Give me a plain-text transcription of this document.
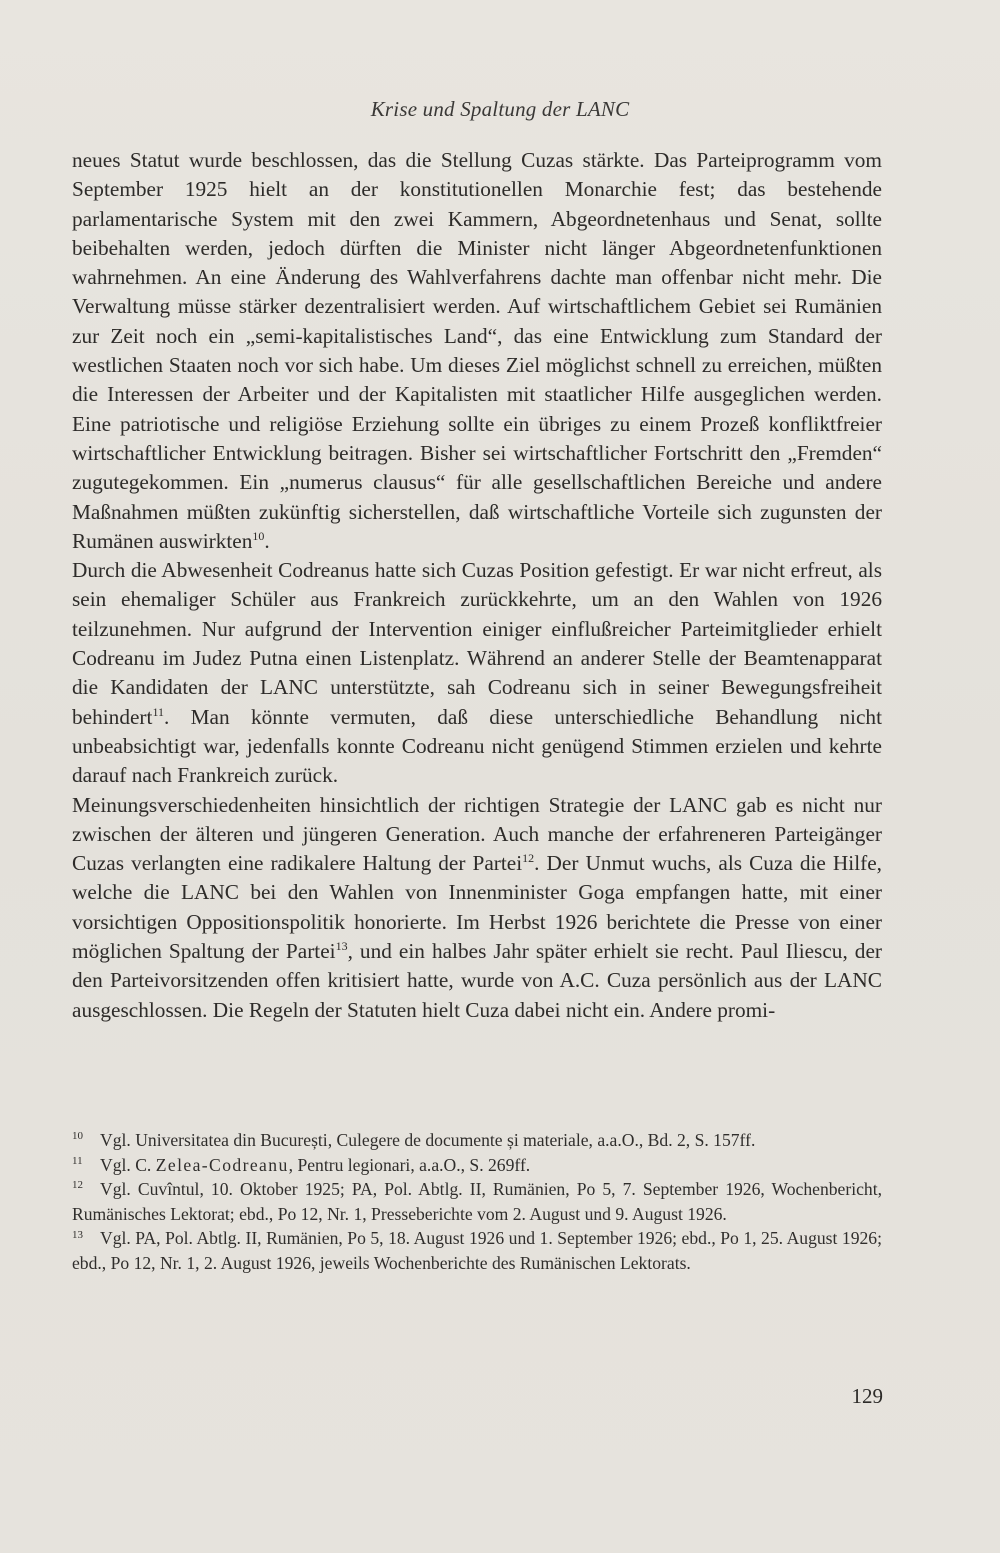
Krise und Spaltung der LANC

neues Statut wurde beschlossen, das die Stellung Cuzas stärkte. Das Parteiprogramm vom September 1925 hielt an der konstitutionellen Monarchie fest; das bestehende parlamentarische System mit den zwei Kammern, Abgeordnetenhaus und Senat, sollte beibehalten werden, jedoch dürften die Minister nicht länger Abgeordnetenfunktionen wahrnehmen. An eine Änderung des Wahlverfahrens dachte man offenbar nicht mehr. Die Verwaltung müsse stärker dezentralisiert werden. Auf wirtschaftlichem Gebiet sei Rumänien zur Zeit noch ein „semi-kapitalistisches Land“, das eine Entwicklung zum Standard der westlichen Staaten noch vor sich habe. Um dieses Ziel möglichst schnell zu erreichen, müßten die Interessen der Arbeiter und der Kapitalisten mit staatlicher Hilfe ausgeglichen werden. Eine patriotische und religiöse Erziehung sollte ein übriges zu einem Prozeß konfliktfreier wirtschaftlicher Entwicklung beitragen. Bisher sei wirtschaftlicher Fortschritt den „Fremden“ zugutegekommen. Ein „numerus clausus“ für alle gesellschaftlichen Bereiche und andere Maßnahmen müßten zukünftig sicherstellen, daß wirtschaftliche Vorteile sich zugunsten der Rumänen auswirkten$^{10}$.

Durch die Abwesenheit Codreanus hatte sich Cuzas Position gefestigt. Er war nicht erfreut, als sein ehemaliger Schüler aus Frankreich zurückkehrte, um an den Wahlen von 1926 teilzunehmen. Nur aufgrund der Intervention einiger einflußreicher Parteimitglieder erhielt Codreanu im Judez Putna einen Listenplatz. Während an anderer Stelle der Beamtenapparat die Kandidaten der LANC unterstützte, sah Codreanu sich in seiner Bewegungsfreiheit behindert$^{11}$. Man könnte vermuten, daß diese unterschiedliche Behandlung nicht unbeabsichtigt war, jedenfalls konnte Codreanu nicht genügend Stimmen erzielen und kehrte darauf nach Frankreich zurück.

Meinungsverschiedenheiten hinsichtlich der richtigen Strategie der LANC gab es nicht nur zwischen der älteren und jüngeren Generation. Auch manche der erfahreneren Parteigänger Cuzas verlangten eine radikalere Haltung der Partei$^{12}$. Der Unmut wuchs, als Cuza die Hilfe, welche die LANC bei den Wahlen von Innenminister Goga empfangen hatte, mit einer vorsichtigen Oppositionspolitik honorierte. Im Herbst 1926 berichtete die Presse von einer möglichen Spaltung der Partei$^{13}$, und ein halbes Jahr später erhielt sie recht. Paul Iliescu, der den Parteivorsitzenden offen kritisiert hatte, wurde von A.C. Cuza persönlich aus der LANC ausgeschlossen. Die Regeln der Statuten hielt Cuza dabei nicht ein. Andere promi-

10 Vgl. Universitatea din București, Culegere de documente și materiale, a.a.O., Bd. 2, S. 157ff.

11 Vgl. C. Zelea-Codreanu, Pentru legionari, a.a.O., S. 269ff.

12 Vgl. Cuvîntul, 10. Oktober 1925; PA, Pol. Abtlg. II, Rumänien, Po 5, 7. September 1926, Wochenbericht, Rumänisches Lektorat; ebd., Po 12, Nr. 1, Presseberichte vom 2. August und 9. August 1926.

13 Vgl. PA, Pol. Abtlg. II, Rumänien, Po 5, 18. August 1926 und 1. September 1926; ebd., Po 1, 25. August 1926; ebd., Po 12, Nr. 1, 2. August 1926, jeweils Wochenberichte des Rumänischen Lektorats.

129
